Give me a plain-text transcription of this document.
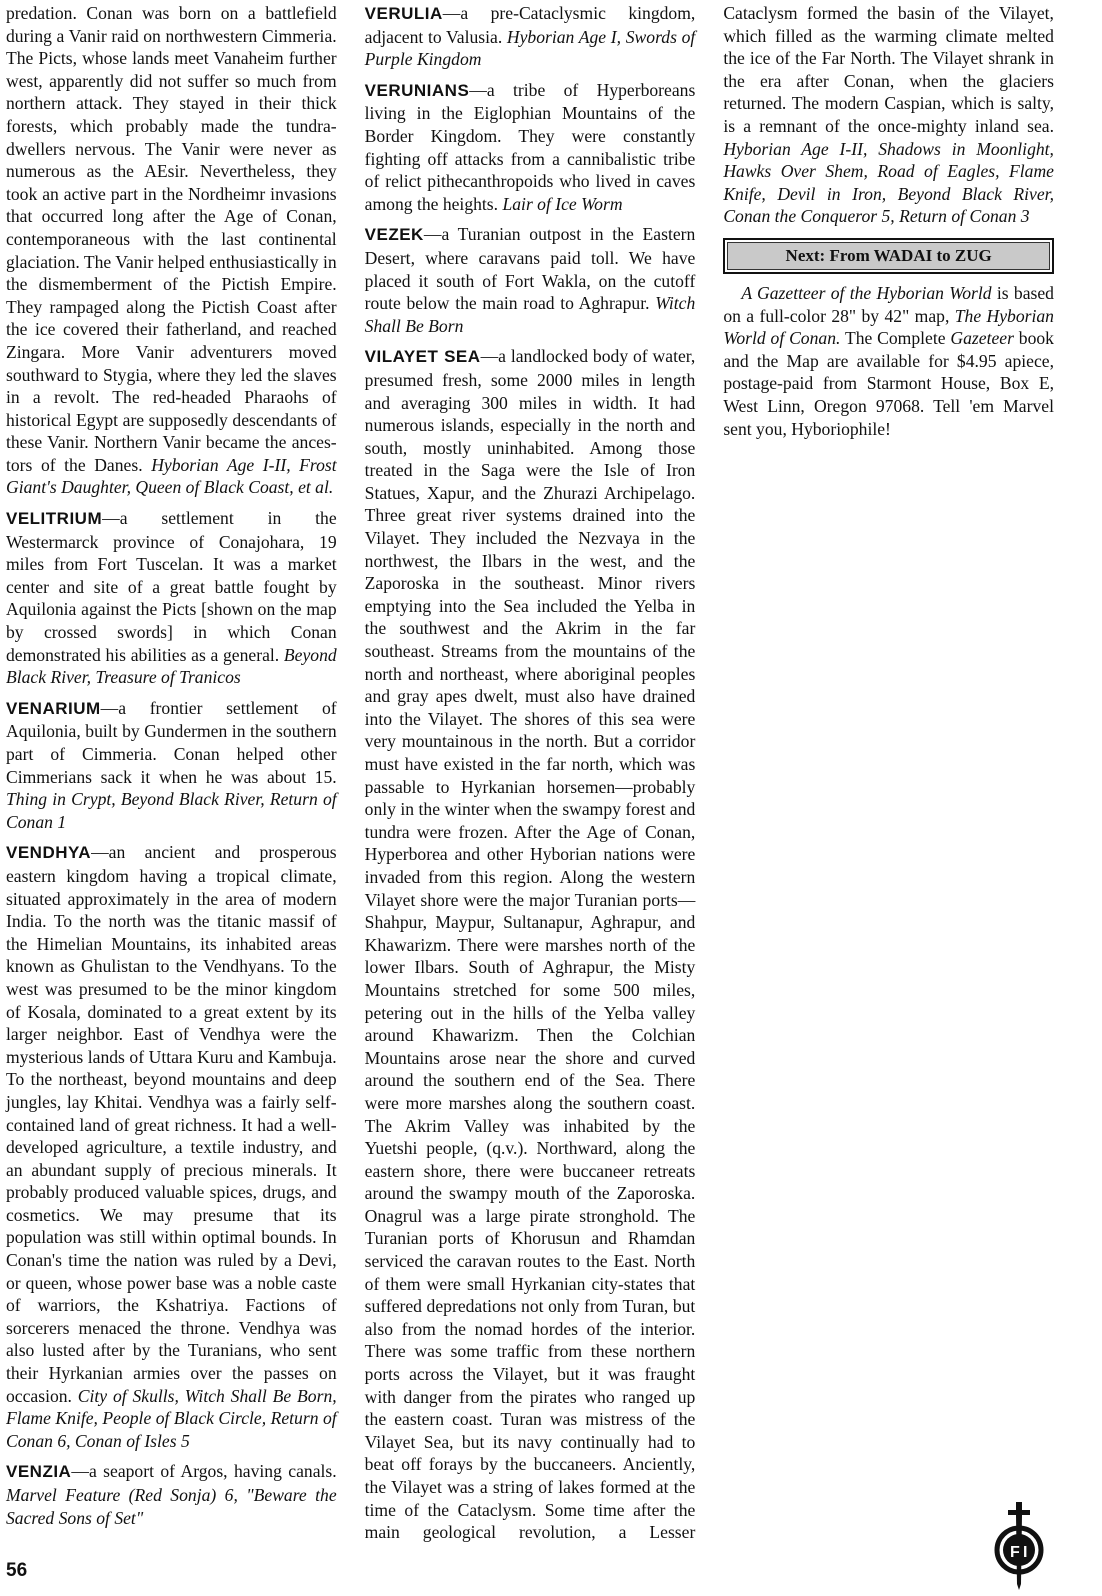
predation. Conan was born on a battlefield during a Vanir raid on northwestern Cimmeria. The Picts, whose lands meet Vanaheim further west, apparently did not suffer so much from northern attack. They stayed in their thick forests, which probably made the tundra-dwellers nervous. The Vanir were never as numerous as the AEsir. Nevertheless, they took an active part in the Nordheimr invasions that occurred long after the Age of Conan, contemporaneous with the last continental glaciation. The Vanir helped enthusiastically in the dismemberment of the Pictish Empire. They rampaged along the Pictish Coast after the ice covered their fatherland, and reached Zingara. More Vanir adventurers moved southward to Stygia, where they led the slaves in a revolt. The red-headed Pharaohs of historical Egypt are supposedly descendants of these Vanir. Northern Vanir became the ancestors of the Danes. Hyborian Age I-II, Frost Giant's Daughter, Queen of Black Coast, et al.

VELITRIUM—a settlement in the Westermarck province of Conajohara, 19 miles from Fort Tuscelan. It was a market center and site of a great battle fought by Aquilonia against the Picts [shown on the map by crossed swords] in which Conan demonstrated his abilities as a general. Beyond Black River, Treasure of Tranicos

VENARIUM—a frontier settlement of Aquilonia, built by Gundermen in the southern part of Cimmeria. Conan helped other Cimmerians sack it when he was about 15. Thing in Crypt, Beyond Black River, Return of Conan 1

VENDHYA—an ancient and prosperous eastern kingdom having a tropical climate, situated approximately in the area of modern India. To the north was the titanic massif of the Himelian Mountains, its inhabited areas known as Ghulistan to the Vendhyans. To the west was presumed to be the minor kingdom of Kosala, dominated to a great extent by its larger neighbor. East of Vendhya were the mysterious lands of Uttara Kuru and Kambuja. To the northeast, beyond mountains and deep jungles, lay Khitai. Vendhya was a fairly self-contained land of great richness. It had a well-developed agriculture, a textile industry, and an abundant supply of precious minerals. It probably produced valuable spices, drugs, and cosmetics. We may presume that its population was still within optimal bounds. In Conan's time the nation was ruled by a Devi, or queen, whose power base was a noble caste of warriors, the Kshatriya. Factions of sorcerers menaced the throne. Vendhya was also lusted after by the Turanians, who sent their Hyrkanian armies over the passes on occasion. City of Skulls, Witch Shall Be Born, Flame Knife, People of Black Circle, Return of Conan 6, Conan of Isles 5

VENZIA—a seaport of Argos, having canals. Marvel Feature (Red Sonja) 6, "Beware the Sacred Sons of Set"

VERULIA—a pre-Cataclysmic kingdom, adjacent to Valusia. Hyborian Age I, Swords of Purple Kingdom

VERUNIANS—a tribe of Hyperboreans living in the Eiglophian Mountains of the Border Kingdom. They were constantly fighting off attacks from a cannibalistic tribe of relict pithecanthropoids who lived in caves among the heights. Lair of Ice Worm

VEZEK—a Turanian outpost in the Eastern Desert, where caravans paid toll. We have placed it south of Fort Wakla, on the cutoff route below the main road to Aghrapur. Witch Shall Be Born

VILAYET SEA—a landlocked body of water, presumed fresh, some 2000 miles in length and averaging 300 miles in width. It had numerous islands, especially in the north and south, mostly uninhabited. Among those treated in the Saga were the Isle of Iron Statues, Xapur, and the Zhurazi Archipelago. Three great river systems drained into the Vilayet. They included the Nezvaya in the northwest, the Ilbars in the west, and the Zaporoska in the southeast. Minor rivers emptying into the Sea included the Yelba in the southwest and the Akrim in the far southeast. Streams from the mountains of the north and northeast, where aboriginal peoples and gray apes dwelt, must also have drained into the Vilayet. The shores of this sea were very mountainous in the north. But a corridor must have existed in the far north, which was passable to Hyrkanian horsemen—probably only in the winter when the swampy forest and tundra were frozen. After the Age of Conan, Hyperborea and other Hyborian nations were invaded from this region. Along the western Vilayet shore were the major Turanian ports—Shahpur, Maypur, Sultanapur, Aghrapur, and Khawarizm. There were marshes north of the lower Ilbars. South of Aghrapur, the Misty Mountains stretched for some 500 miles, petering out in the hills of the Yelba valley around Khawarizm. Then the Colchian Mountains arose near the shore and curved around the southern end of the Sea. There were more marshes along the southern coast. The Akrim Valley was inhabited by the Yuetshi people, (q.v.). Northward, along the eastern shore, there were buccaneer retreats around the swampy mouth of the Zaporoska. Onagrul was a large pirate stronghold. The Turanian ports of Khorusun and Rhamdan serviced the caravan routes to the East. North of them were small Hyrkanian city-states that suffered depredations not only from Turan, but also from the nomad hordes of the interior. There was some traffic from these northern ports across the Vilayet, but it was fraught with danger from the pirates who ranged up the eastern coast. Turan was mistress of the Vilayet Sea, but its navy continually had to beat off forays by the buccaneers. Anciently, the Vilayet was a string of lakes formed at the time of the Cataclysm. Some time after the main geological revolution, a Lesser Cataclysm formed the basin of the Vilayet, which filled as the warming climate melted the ice of the Far North. The Vilayet shrank in the era after Conan, when the glaciers returned. The modern Caspian, which is salty, is a remnant of the once-mighty inland sea. Hyborian Age I-II, Shadows in Moonlight, Hawks Over Shem, Road of Eagles, Flame Knife, Devil in Iron, Beyond Black River, Conan the Conqueror 5, Return of Conan 3

Next: From WADAI to ZUG

A Gazetteer of the Hyborian World is based on a full-color 28" by 42" map, The Hyborian World of Conan. The Complete Gazeteer book and the Map are available for $4.95 apiece, postage-paid from Starmont House, Box E, West Linn, Oregon 97068. Tell 'em Marvel sent you, Hyboriophile!

56
F I
